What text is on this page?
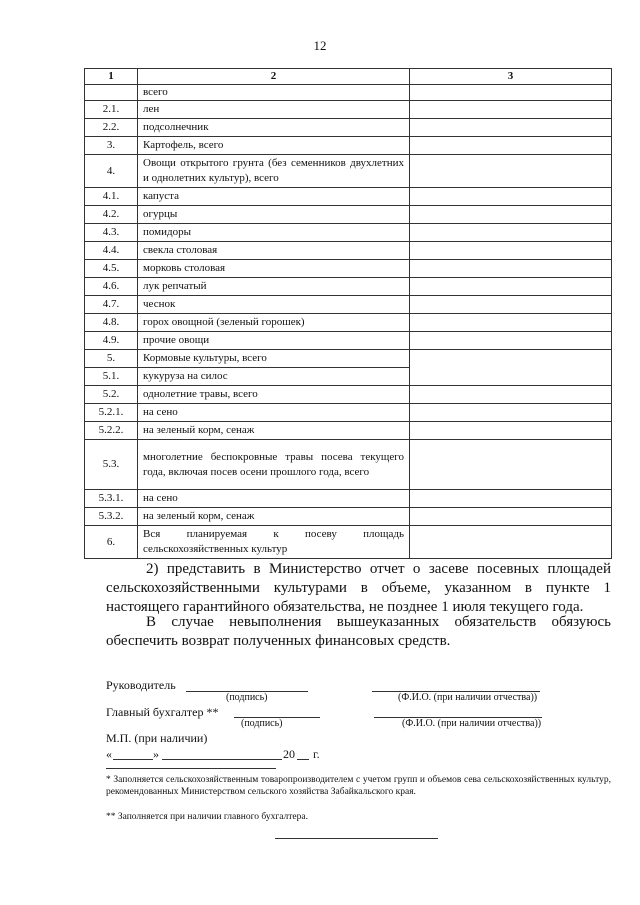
12
1	2	3
	всего	
2.1.	лен	
2.2.	подсолнечник	
3.	Картофель, всего	
4.	Овощи открытого грунта (без семенников двухлетних и однолетних культур), всего	
4.1.	капуста	
4.2.	огурцы	
4.3.	помидоры	
4.4.	свекла столовая	
4.5.	морковь столовая	
4.6.	лук репчатый	
4.7.	чеснок	
4.8.	горох овощной (зеленый горошек)	
4.9.	прочие овощи	
5.	Кормовые культуры, всего	
5.1.	кукуруза на силос	
5.2.	однолетние травы, всего	
5.2.1.	на сено	
5.2.2.	на зеленый корм, сенаж	
5.3.	многолетние беспокровные травы посева текущего года, включая посев осени прошлого года, всего	
5.3.1.	на сено	
5.3.2.	на зеленый корм, сенаж	
6.	Вся планируемая к посеву площадь сельскохозяйственных культур	
2) представить в Министерство отчет о засеве посевных площадей сельскохозяйственными культурами в объеме, указанном в пункте 1 настоящего гарантийного обязательства, не позднее 1 июля текущего года.
В случае невыполнения вышеуказанных обязательств обязуюсь обеспечить возврат полученных финансовых средств.
Руководитель
(подпись)	(Ф.И.О. (при наличии отчества))
Главный бухгалтер **
(подпись)	(Ф.И.О. (при наличии отчества))
М.П. (при наличии)
«	»	20 г.
* Заполняется сельскохозяйственным товаропроизводителем с учетом групп и объемов сева сельскохозяйственных культур, рекомендованных Министерством сельского хозяйства Забайкальского края.
** Заполняется при наличии главного бухгалтера.
